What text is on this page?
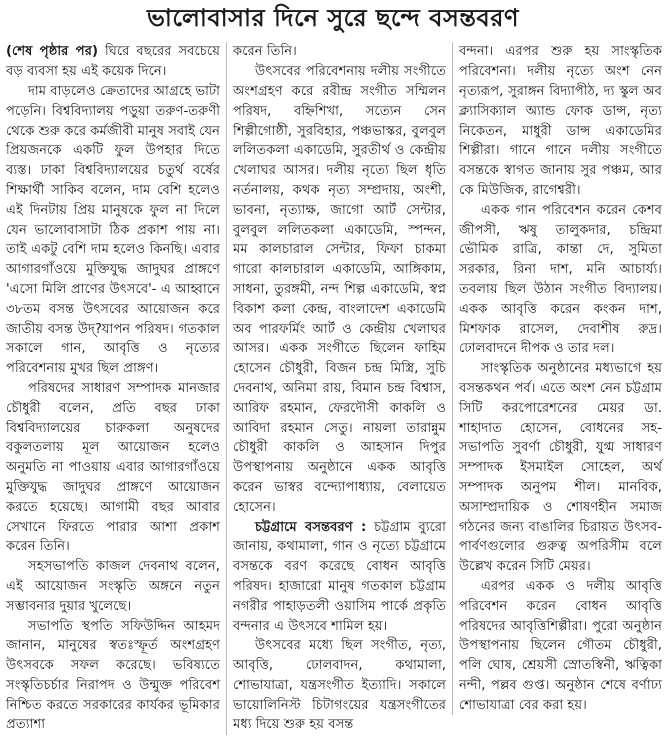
ভালোবাসার দিনে সুরে ছন্দে বসন্তবরণ

(শেষ পৃষ্ঠার পর) ঘিরে বছরের সবচেয়ে বড় ব্যবসা হয় এই কয়েক দিনে।

দাম বাড়লেও ক্রেতাদের আগ্রহে ভাটা পড়েনি। বিশ্ববিদ্যালয় পড়ুয়া তরুণ-তরুণী থেকে শুরু করে কর্মজীবী মানুষ সবাই যেন প্রিয়জনকে একটি ফুল উপহার দিতে ব্যস্ত। ঢাকা বিশ্ববিদ্যালয়ের চতুর্থ বর্ষের শিক্ষার্থী সাকিব বলেন, দাম বেশি হলেও এই দিনটায় প্রিয় মানুষকে ফুল না দিলে যেন ভালোবাসাটা ঠিক প্রকাশ পায় না। তাই একটু বেশি দাম হলেও কিনছি। এবার আগারগাঁওয়ে মুক্তিযুদ্ধ জাদুঘর প্রাঙ্গণে 'এসো মিলি প্রাণের উৎসবে'- এ আহ্বানে ৩৮তম বসন্ত উৎসবের আয়োজন করে জাতীয় বসন্ত উদ্?যাপন পরিষদ। গতকাল সকালে গান, আবৃত্তি ও নৃত্যের পরিবেশনায় মুখর ছিল প্রাঙ্গণ।

পরিষদের সাধারণ সম্পাদক মানজার চৌধুরী বলেন, প্রতি বছর ঢাকা বিশ্ববিদ্যালয়ের চারুকলা অনুষদের বকুলতলায় মূল আয়োজন হলেও অনুমতি না পাওয়ায় এবার আগারগাঁওয়ে মুক্তিযুদ্ধ জাদুঘর প্রাঙ্গণে আয়োজন করতে হয়েছে। আগামী বছর আবার সেখানে ফিরতে পারার আশা প্রকাশ করেন তিনি।

সহসভাপতি কাজল দেবনাথ বলেন, এই আয়োজন সংস্কৃতি অঙ্গনে নতুন সম্ভাবনার দুয়ার খুলেছে।

সভাপতি স্থপতি সফিউদ্দিন আহমদ জানান, মানুষের স্বতঃস্ফূর্ত অংশগ্রহণ উৎসবকে সফল করেছে। ভবিষ্যতে সংস্কৃতিচর্চার নিরাপদ ও উন্মুক্ত পরিবেশ নিশ্চিত করতে সরকারের কার্যকর ভূমিকার প্রত্যাশা

করেন তিনি।

উৎসবের পরিবেশনায় দলীয় সংগীতে অংশগ্রহণ করে রবীন্দ্র সংগীত সম্মিলন পরিষদ, বহ্নিশিখা, সত্যেন সেন শিল্পীগোষ্ঠী, সুরবিহার, পঞ্চভাস্কর, বুলবুল ললিতকলা একাডেমি, সুরতীর্থ ও কেন্দ্রীয় খেলাঘর আসর। দলীয় নৃত্যে ছিল ধৃতি নর্তনালয়, কথক নৃত্য সম্প্রদায়, অংশী, ভাবনা, নৃত্যাক্ষ, জাগো আর্ট সেন্টার, বুলবুল ললিতকলা একাডেমি, স্পন্দন, মম কালচারাল সেন্টার, ফিফা চাকমা গারো কালচারাল একাডেমি, আঙ্গিকাম, সাধনা, তুরঙ্গমী, নন্দ শিল্প একাডেমি, স্বপ্ন বিকাশ কলা কেন্দ্র, বাংলাদেশ একাডেমি অব পারফর্মিং আর্ট ও কেন্দ্রীয় খেলাঘর আসর। একক সংগীতে ছিলেন ফাহিম হোসেন চৌধুরী, বিজন চন্দ্র মিস্ত্রি, সুচি দেবনাথ, অনিমা রায়, বিমান চন্দ্র বিশ্বাস, আরিফ রহমান, ফেরদৌসী কাকলি ও আবিদা রহমান সেতু। নায়লা তারান্নুম চৌধুরী কাকলি ও আহসান দিপুর উপস্থাপনায় অনুষ্ঠানে একক আবৃত্তি করেন ভাস্বর বন্দ্যোপাধ্যায়, বেলায়েত হোসেন।

চট্টগ্রামে বসন্তবরণ : চট্টগ্রাম ব্যুরো জানায়, কথামালা, গান ও নৃত্যে চট্টগ্রামে বসন্তকে বরণ করেছে বোধন আবৃত্তি পরিষদ। হাজারো মানুষ গতকাল চট্টগ্রাম নগরীর পাহাড়তলী ওয়াসিম পার্কে প্রকৃতি বন্দনার এ উৎসবে শামিল হয়।

উৎসবের মধ্যে ছিল সংগীত, নৃত্য, আবৃত্তি, ঢোলবাদন, কথামালা, শোভাযাত্রা, যন্ত্রসংগীত ইত্যাদি। সকালে ভায়োলিনিস্ট চিটাগংয়ের যন্ত্রসংগীতের মধ্য দিয়ে শুরু হয় বসন্ত

বন্দনা। এরপর শুরু হয় সাংস্কৃতিক পরিবেশনা। দলীয় নৃত্যে অংশ নেন নৃত্যরূপ, সুরাঙ্গন বিদ্যাপীঠ, দ্য স্কুল অব ক্ল্যাসিক্যাল অ্যান্ড ফোক ডান্স, নৃত্য নিকেতন, মাধুরী ডান্স একাডেমির শিল্পীরা। গানে গানে দলীয় সংগীতে বসন্তকে স্বাগত জানায় সুর পঞ্চম, আর কে মিউজিক, রাগেশ্বরী।

একক গান পরিবেশন করেন কেশব জীপসী, ঋষু তালুকদার, চন্দ্রিমা ভৌমিক রাত্রি, কান্তা দে, সুমিতা সরকার, রিনা দাশ, মনি আচার্য্য। তবলায় ছিল উঠান সংগীত বিদ্যালয়। একক আবৃত্তি করেন কংকন দাশ, মিশফাক রাসেল, দেবাশীষ রুদ্র। ঢোলবাদনে দীপক ও তার দল।

সাংস্কৃতিক অনুষ্ঠানের মধ্যভাগে হয় বসন্তকথন পর্ব। এতে অংশ নেন চট্টগ্রাম সিটি করপোরেশনের মেয়র ডা. শাহাদাত হোসেন, বোধনের সহ-সভাপতি সুবর্ণা চৌধুরী, যুগ্ম সাধারণ সম্পাদক ইসমাইল সোহেল, অর্থ সম্পাদক অনুপম শীল। মানবিক, অসাম্প্রদায়িক ও শোষণহীন সমাজ গঠনের জন্য বাঙালির চিরায়ত উৎসব-পার্বণগুলোর গুরুত্ব অপরিসীম বলে উল্লেখ করেন সিটি মেয়র।

এরপর একক ও দলীয় আবৃত্তি পরিবেশন করেন বোধন আবৃত্তি পরিষদের আবৃত্তিশিল্পীরা। পুরো অনুষ্ঠান উপস্থাপনায় ছিলেন গৌতম চৌধুরী, পলি ঘোষ, শ্রেয়সী স্রোতস্বিনী, ঋত্বিকা নন্দী, পল্লব গুপ্ত। অনুষ্ঠান শেষে বর্ণাঢ্য শোভাযাত্রা বের করা হয়।
